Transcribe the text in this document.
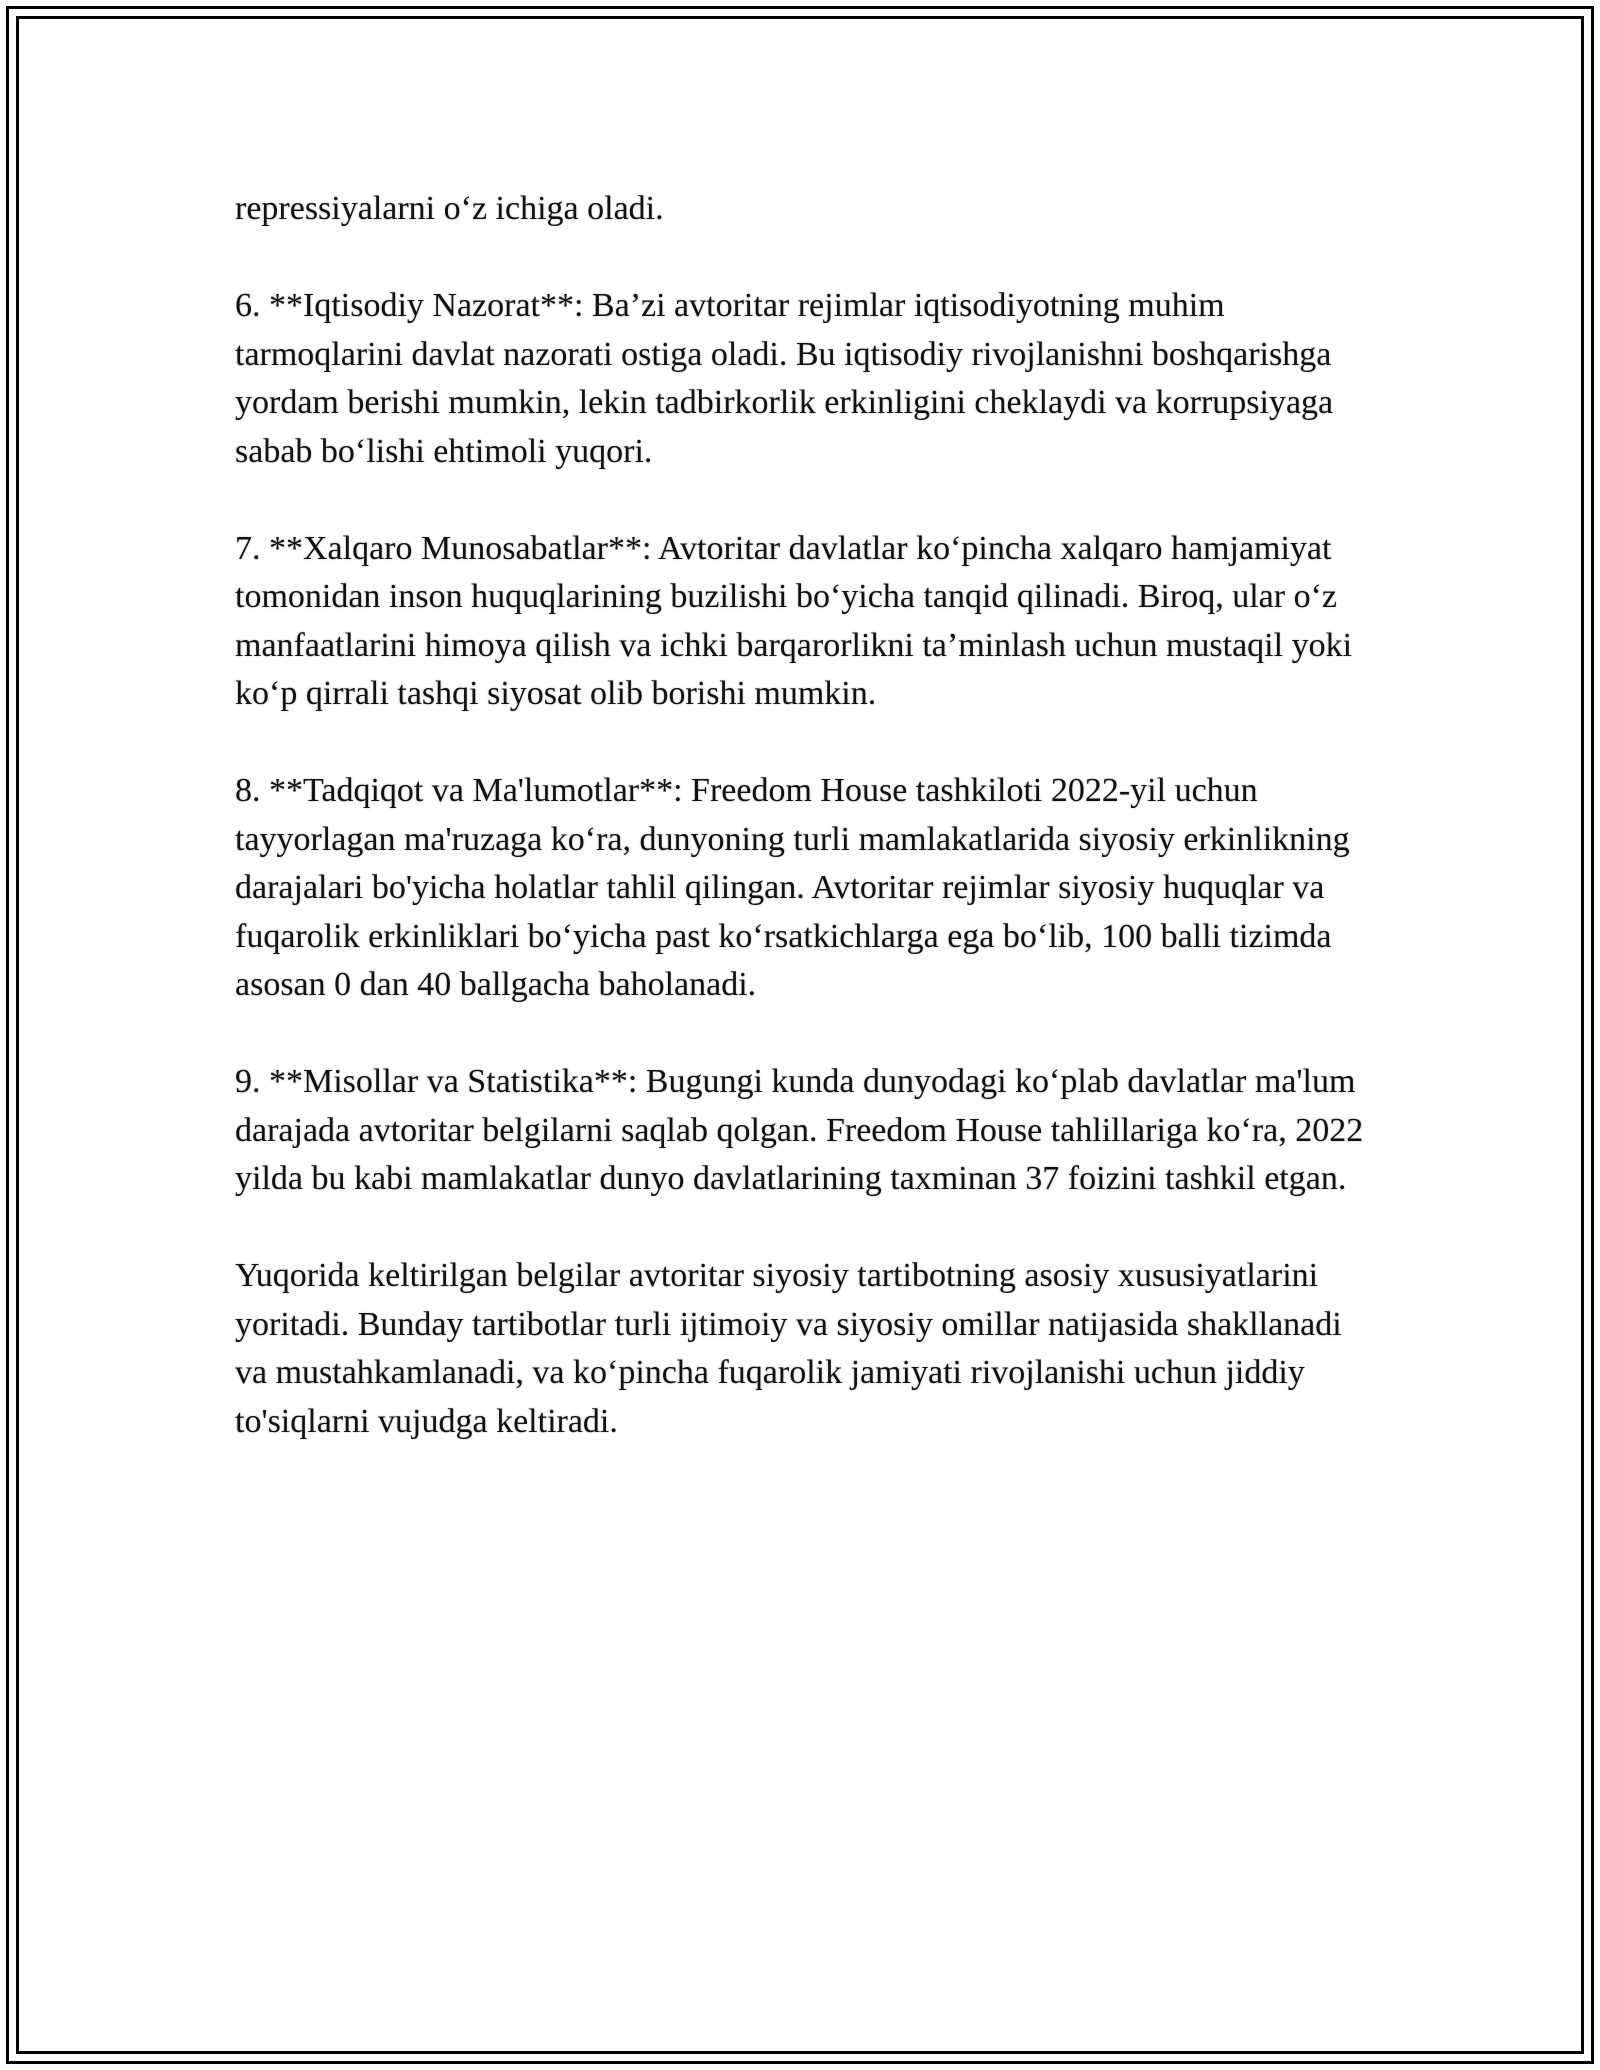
repressiyalarni o‘z ichiga oladi.

6. **Iqtisodiy Nazorat**: Ba’zi avtoritar rejimlar iqtisodiyotning muhim tarmoqlarini davlat nazorati ostiga oladi. Bu iqtisodiy rivojlanishni boshqarishga yordam berishi mumkin, lekin tadbirkorlik erkinligini cheklaydi va korrupsiyaga sabab bo‘lishi ehtimoli yuqori.

7. **Xalqaro Munosabatlar**: Avtoritar davlatlar ko‘pincha xalqaro hamjamiyat tomonidan inson huquqlarining buzilishi bo‘yicha tanqid qilinadi. Biroq, ular o‘z manfaatlarini himoya qilish va ichki barqarorlikni ta’minlash uchun mustaqil yoki ko‘p qirrali tashqi siyosat olib borishi mumkin.

8. **Tadqiqot va Ma'lumotlar**: Freedom House tashkiloti 2022-yil uchun tayyorlagan ma'ruzaga ko‘ra, dunyoning turli mamlakatlarida siyosiy erkinlikning darajalari bo'yicha holatlar tahlil qilingan. Avtoritar rejimlar siyosiy huquqlar va fuqarolik erkinliklari bo‘yicha past ko‘rsatkichlarga ega bo‘lib, 100 balli tizimda asosan 0 dan 40 ballgacha baholanadi.

9. **Misollar va Statistika**: Bugungi kunda dunyodagi ko‘plab davlatlar ma'lum darajada avtoritar belgilarni saqlab qolgan. Freedom House tahlillariga ko‘ra, 2022 yilda bu kabi mamlakatlar dunyo davlatlarining taxminan 37 foizini tashkil etgan.

Yuqorida keltirilgan belgilar avtoritar siyosiy tartibotning asosiy xususiyatlarini yoritadi. Bunday tartibotlar turli ijtimoiy va siyosiy omillar natijasida shakllanadi va mustahkamlanadi, va ko‘pincha fuqarolik jamiyati rivojlanishi uchun jiddiy to'siqlarni vujudga keltiradi.
